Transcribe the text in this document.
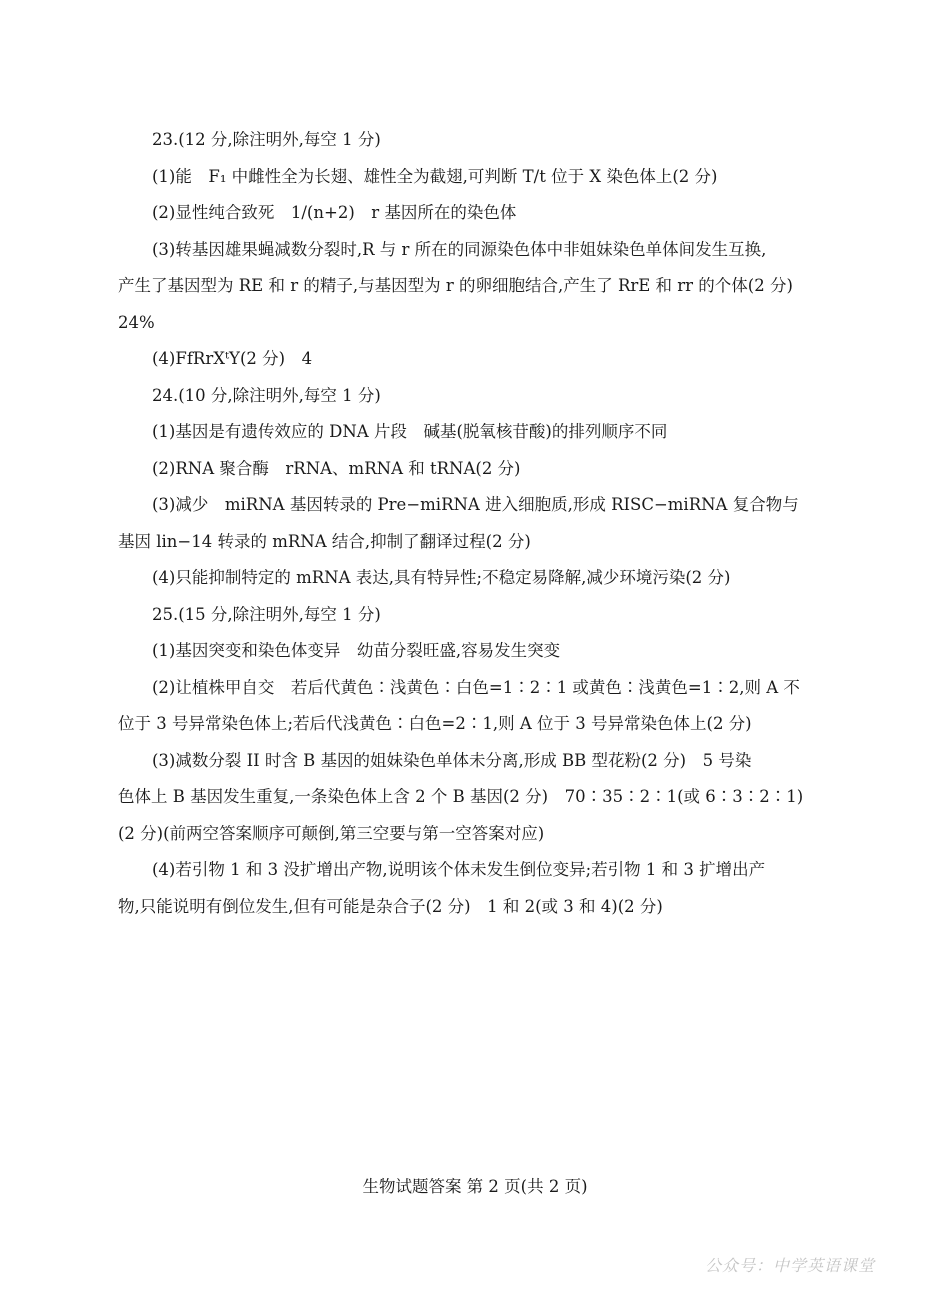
23.(12 分,除注明外,每空 1 分)
(1)能　F₁ 中雌性全为长翅、雄性全为截翅,可判断 T/t 位于 X 染色体上(2 分)
(2)显性纯合致死　1/(n+2)　r 基因所在的染色体
(3)转基因雄果蝇减数分裂时,R 与 r 所在的同源染色体中非姐妹染色单体间发生互换,
产生了基因型为 RE 和 r 的精子,与基因型为 r 的卵细胞结合,产生了 RrE 和 rr 的个体(2 分)
24%
(4)FfRrXᵗY(2 分)　4
24.(10 分,除注明外,每空 1 分)
(1)基因是有遗传效应的 DNA 片段　碱基(脱氧核苷酸)的排列顺序不同
(2)RNA 聚合酶　rRNA、mRNA 和 tRNA(2 分)
(3)减少　miRNA 基因转录的 Pre−miRNA 进入细胞质,形成 RISC−miRNA 复合物与
基因 lin−14 转录的 mRNA 结合,抑制了翻译过程(2 分)
(4)只能抑制特定的 mRNA 表达,具有特异性;不稳定易降解,减少环境污染(2 分)
25.(15 分,除注明外,每空 1 分)
(1)基因突变和染色体变异　幼苗分裂旺盛,容易发生突变
(2)让植株甲自交　若后代黄色∶浅黄色∶白色=1∶2∶1 或黄色∶浅黄色=1∶2,则 A 不
位于 3 号异常染色体上;若后代浅黄色∶白色=2∶1,则 A 位于 3 号异常染色体上(2 分)
(3)减数分裂 II 时含 B 基因的姐妹染色单体未分离,形成 BB 型花粉(2 分)　5 号染
色体上 B 基因发生重复,一条染色体上含 2 个 B 基因(2 分)　70∶35∶2∶1(或 6∶3∶2∶1)
(2 分)(前两空答案顺序可颠倒,第三空要与第一空答案对应)
(4)若引物 1 和 3 没扩增出产物,说明该个体未发生倒位变异;若引物 1 和 3 扩增出产
物,只能说明有倒位发生,但有可能是杂合子(2 分)　1 和 2(或 3 和 4)(2 分)
生物试题答案 第 2 页(共 2 页)
公众号：中学英语课堂
